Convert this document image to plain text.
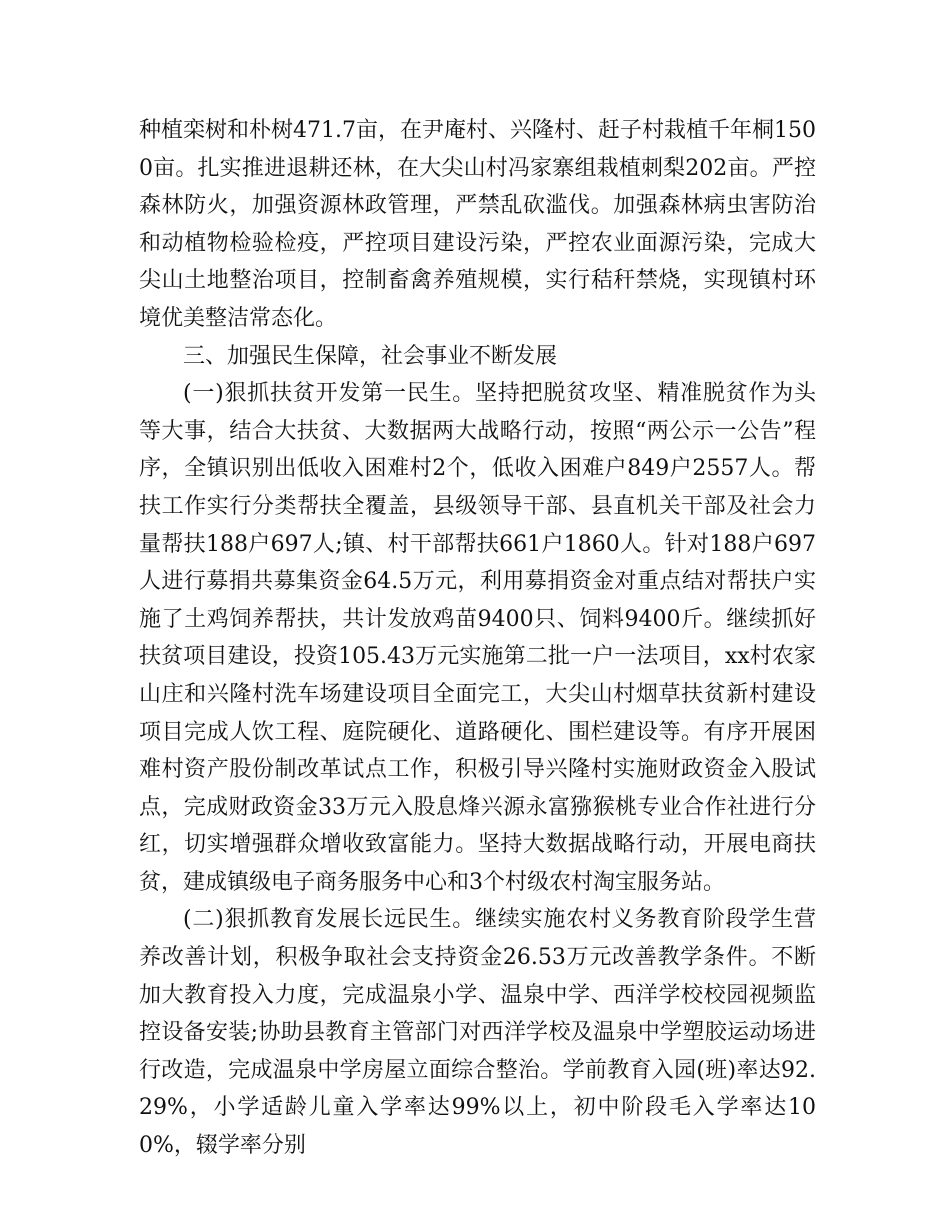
种植栾树和朴树471.7亩，在尹庵村、兴隆村、赶子村栽植千年桐1500亩。扎实推进退耕还林，在大尖山村冯家寨组栽植刺梨202亩。严控森林防火，加强资源林政管理，严禁乱砍滥伐。加强森林病虫害防治和动植物检验检疫，严控项目建设污染，严控农业面源污染，完成大尖山土地整治项目，控制畜禽养殖规模，实行秸秆禁烧，实现镇村环境优美整洁常态化。

三、加强民生保障，社会事业不断发展

(一)狠抓扶贫开发第一民生。坚持把脱贫攻坚、精准脱贫作为头等大事，结合大扶贫、大数据两大战略行动，按照“两公示一公告”程序，全镇识别出低收入困难村2个，低收入困难户849户2557人。帮扶工作实行分类帮扶全覆盖，县级领导干部、县直机关干部及社会力量帮扶188户697人;镇、村干部帮扶661户1860人。针对188户697人进行募捐共募集资金64.5万元，利用募捐资金对重点结对帮扶户实施了土鸡饲养帮扶，共计发放鸡苗9400只、饲料9400斤。继续抓好扶贫项目建设，投资105.43万元实施第二批一户一法项目，xx村农家山庄和兴隆村洗车场建设项目全面完工，大尖山村烟草扶贫新村建设项目完成人饮工程、庭院硬化、道路硬化、围栏建设等。有序开展困难村资产股份制改革试点工作，积极引导兴隆村实施财政资金入股试点，完成财政资金33万元入股息烽兴源永富猕猴桃专业合作社进行分红，切实增强群众增收致富能力。坚持大数据战略行动，开展电商扶贫，建成镇级电子商务服务中心和3个村级农村淘宝服务站。

(二)狠抓教育发展长远民生。继续实施农村义务教育阶段学生营养改善计划，积极争取社会支持资金26.53万元改善教学条件。不断加大教育投入力度，完成温泉小学、温泉中学、西洋学校校园视频监控设备安装;协助县教育主管部门对西洋学校及温泉中学塑胶运动场进行改造，完成温泉中学房屋立面综合整治。学前教育入园(班)率达92.29%，小学适龄儿童入学率达99%以上，初中阶段毛入学率达100%，辍学率分别
